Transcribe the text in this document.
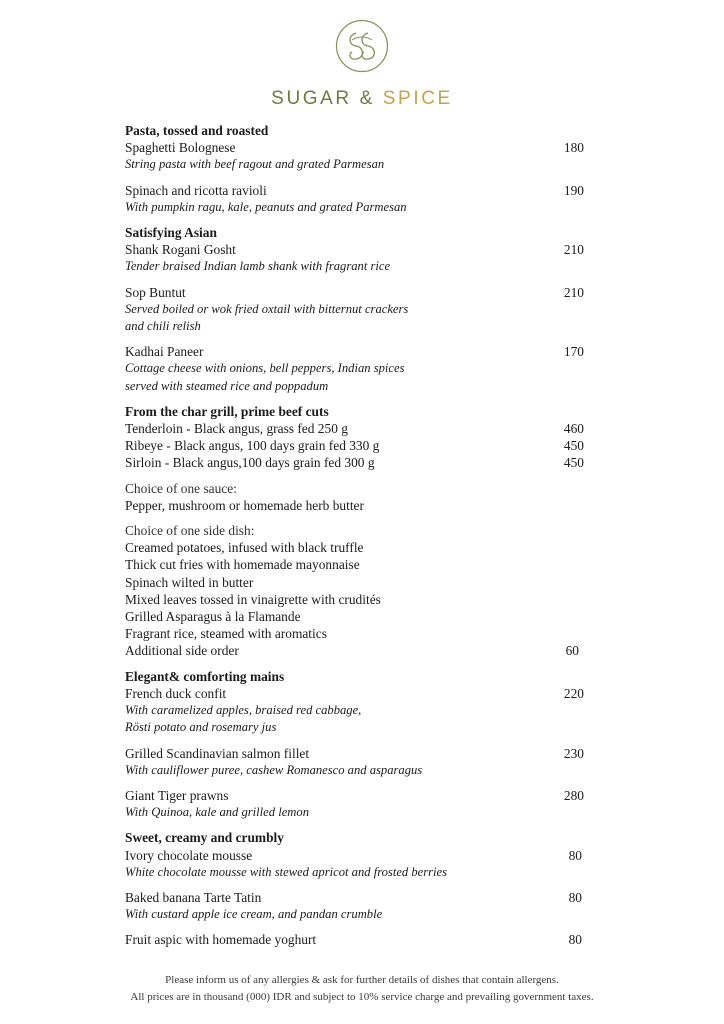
SUGAR & SPICE
Pasta, tossed and roasted
Spaghetti Bolognese	180
String pasta with beef ragout and grated Parmesan
Spinach and ricotta ravioli	190
With pumpkin ragu, kale, peanuts and grated Parmesan
Satisfying Asian
Shank Rogani Gosht	210
Tender braised Indian lamb shank with fragrant rice
Sop Buntut	210
Served boiled or wok fried oxtail with bitternut crackers
and chili relish
Kadhai Paneer	170
Cottage cheese with onions, bell peppers, Indian spices
served with steamed rice and poppadum
From the char grill, prime beef cuts
Tenderloin - Black angus, grass fed 250 g	460
Ribeye - Black angus, 100 days grain fed 330 g	450
Sirloin - Black angus,100 days grain fed 300 g	450
Choice of one sauce:
Pepper, mushroom or homemade herb butter
Choice of one side dish:
Creamed potatoes, infused with black truffle
Thick cut fries with homemade mayonnaise
Spinach wilted in butter
Mixed leaves tossed in vinaigrette with crudités
Grilled Asparagus à la Flamande
Fragrant rice, steamed with aromatics
Additional side order	60
Elegant& comforting mains
French duck confit	220
With caramelized apples, braised red cabbage,
Rösti potato and rosemary jus
Grilled Scandinavian salmon fillet	230
With cauliflower puree, cashew Romanesco and asparagus
Giant Tiger prawns	280
With Quinoa, kale and grilled lemon
Sweet, creamy and crumbly
Ivory chocolate mousse	80
White chocolate mousse with stewed apricot and frosted berries
Baked banana Tarte Tatin	80
With custard apple ice cream, and pandan crumble
Fruit aspic with homemade yoghurt	80
Please inform us of any allergies & ask for further details of dishes that contain allergens.
All prices are in thousand (000) IDR and subject to 10% service charge and prevailing government taxes.
